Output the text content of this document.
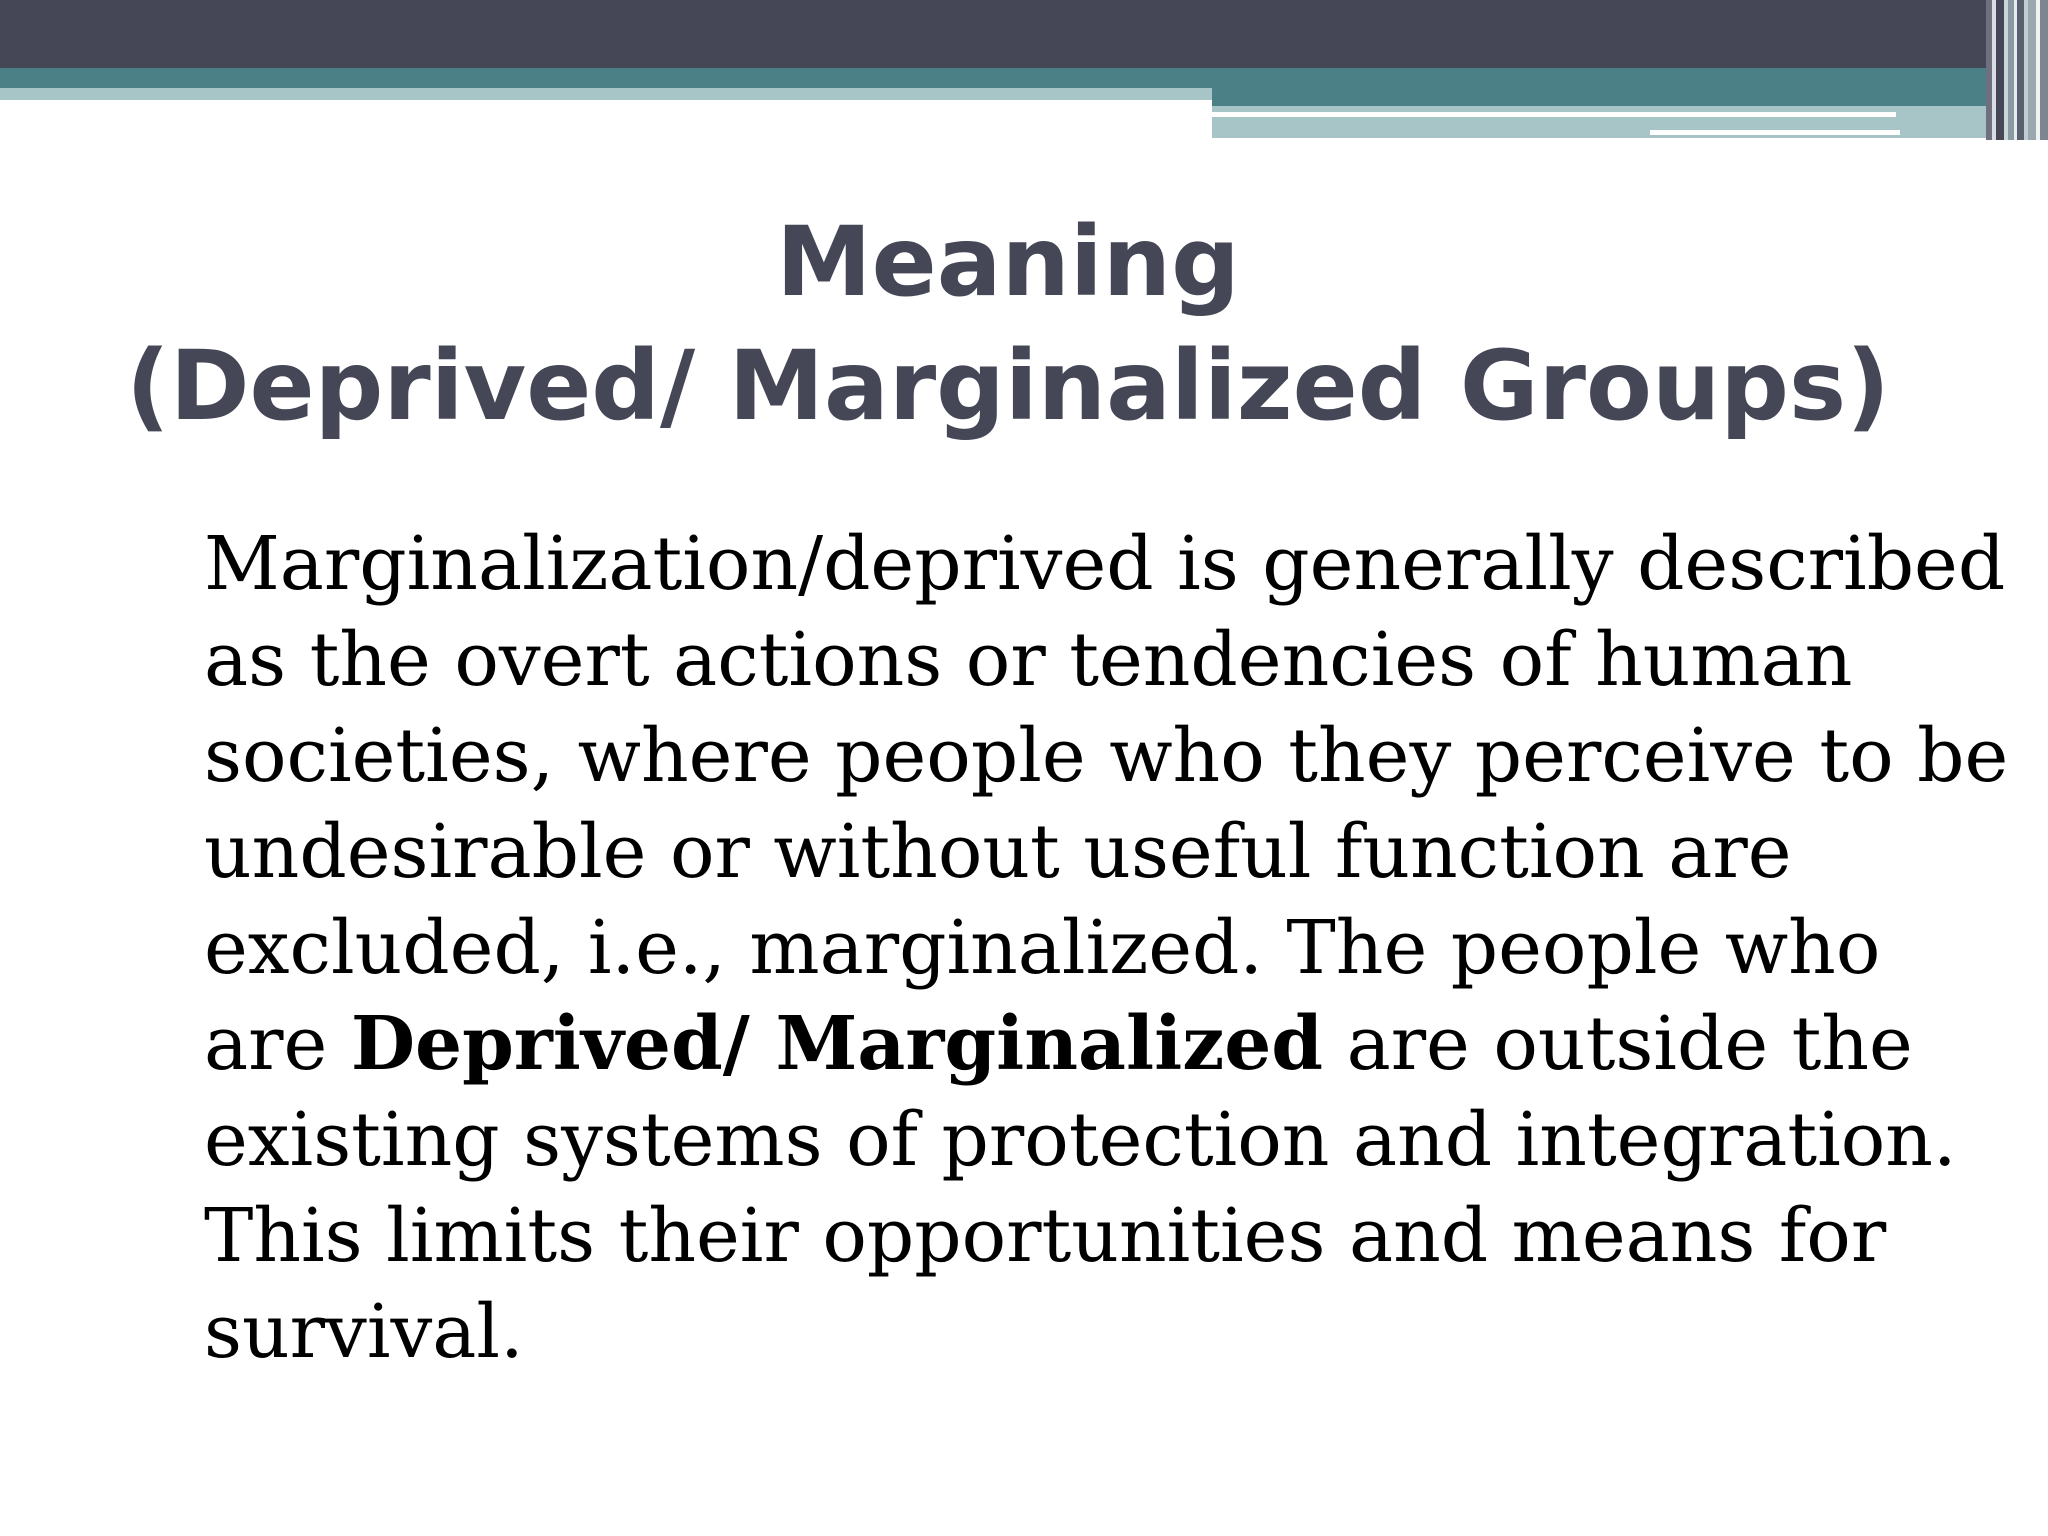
Meaning
(Deprived/ Marginalized Groups)
Marginalization/deprived is generally described
as the overt actions or tendencies of human
societies, where people who they perceive to be
undesirable or without useful function are
excluded, i.e., marginalized. The people who
are Deprived/ Marginalized are outside the
existing systems of protection and integration.
This limits their opportunities and means for
survival.
